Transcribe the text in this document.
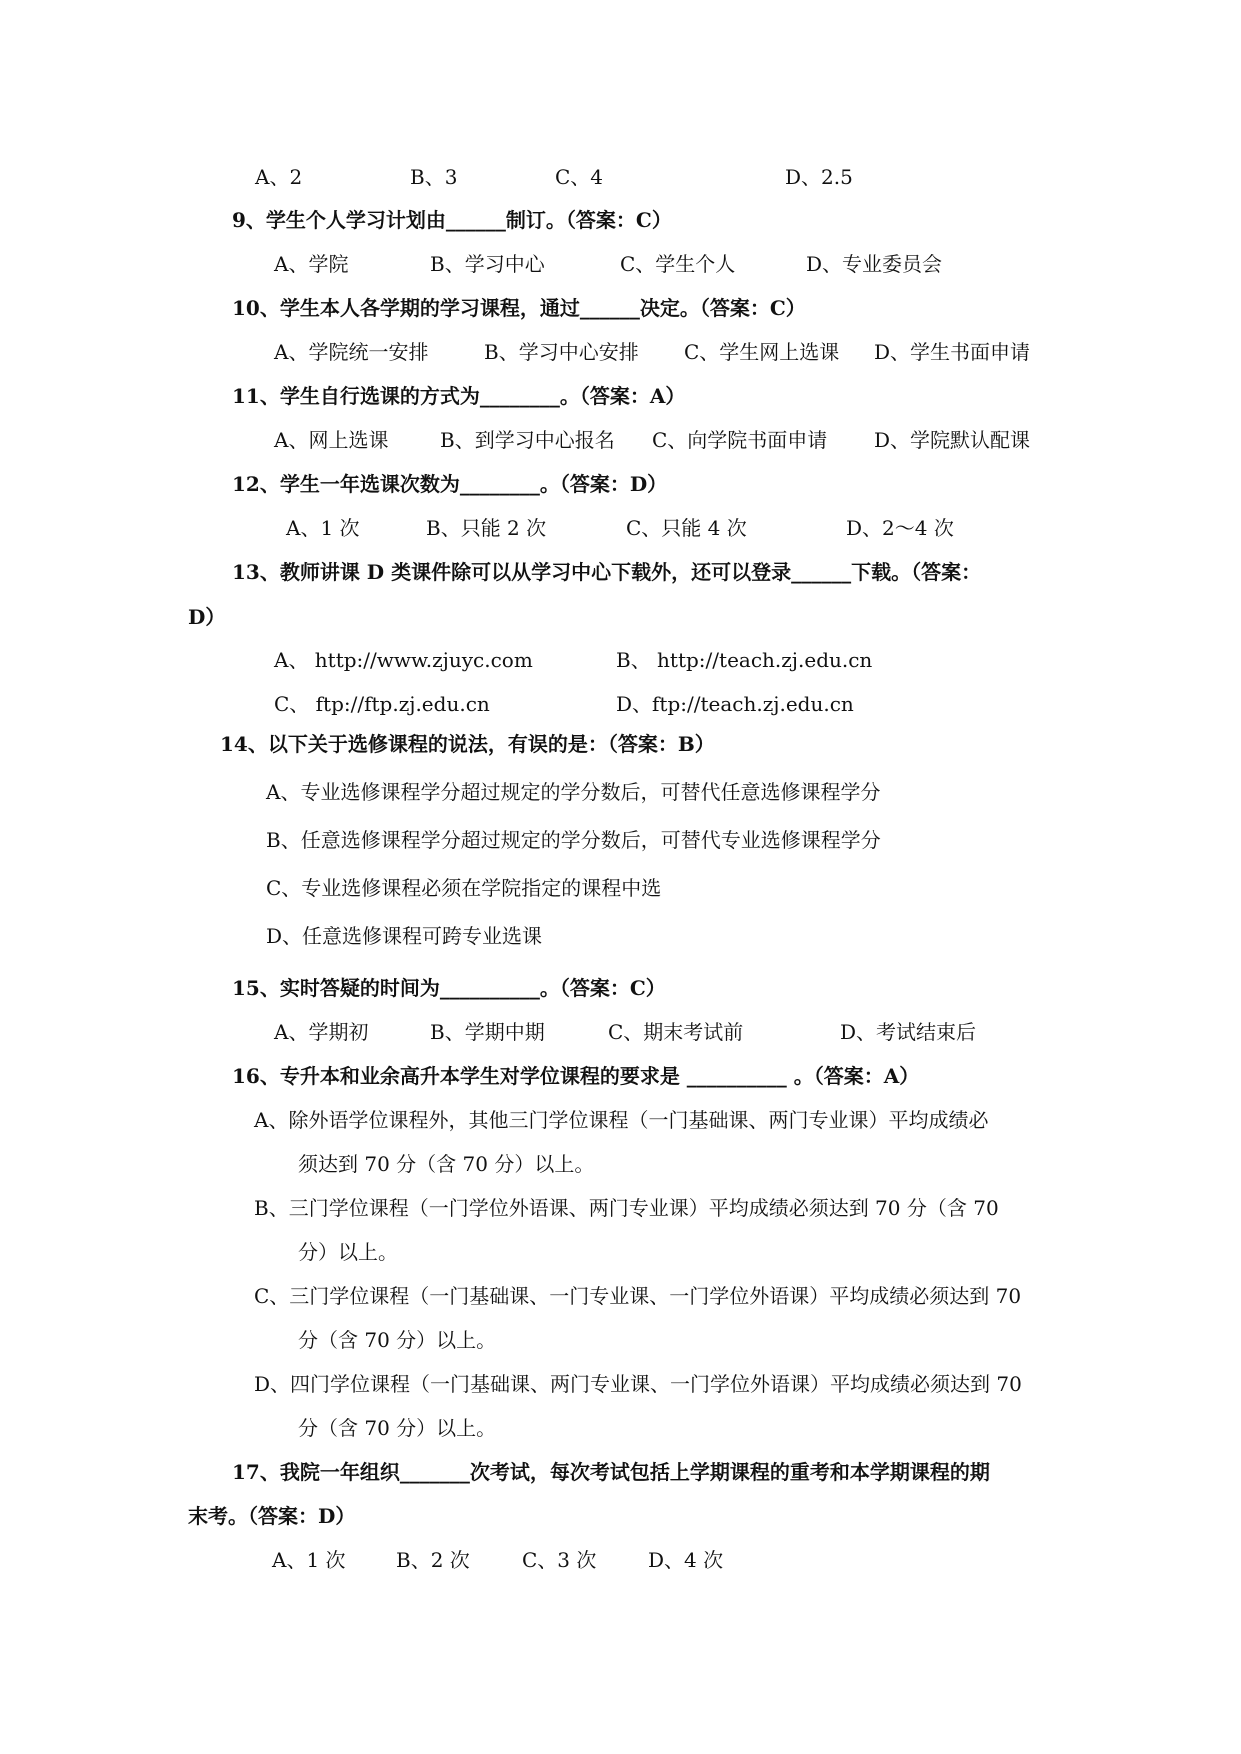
A、2	B、3	C、4	D、2.5
9、学生个人学习计划由______制订。（答案：C）
A、学院	B、学习中心	C、学生个人	D、专业委员会
10、学生本人各学期的学习课程，通过______决定。（答案：C）
A、学院统一安排	B、学习中心安排 C、学生网上选课 D、学生书面申请
11、学生自行选课的方式为________。（答案：A）
A、网上选课	B、到学习中心报名 C、向学院书面申请 D、学院默认配课
12、学生一年选课次数为________。（答案：D）
A、1 次	B、只能 2 次	C、只能 4 次	D、2～4 次
13、教师讲课 D 类课件除可以从学习中心下载外，还可以登录______下载。（答案：
D）
A、 http://www.zjuyc.com	B、 http://teach.zj.edu.cn
C、 ftp://ftp.zj.edu.cn	D、ftp://teach.zj.edu.cn
14、以下关于选修课程的说法，有误的是：（答案：B）
A、专业选修课程学分超过规定的学分数后，可替代任意选修课程学分
B、任意选修课程学分超过规定的学分数后，可替代专业选修课程学分
C、专业选修课程必须在学院指定的课程中选
D、任意选修课程可跨专业选课
15、实时答疑的时间为__________。（答案：C）
A、学期初	B、学期中期	C、期末考试前	D、考试结束后
16、专升本和业余高升本学生对学位课程的要求是 __________ 。（答案：A）
A、除外语学位课程外，其他三门学位课程（一门基础课、两门专业课）平均成绩必
须达到 70 分（含 70 分）以上。
B、三门学位课程（一门学位外语课、两门专业课）平均成绩必须达到 70 分（含 70
分）以上。
C、三门学位课程（一门基础课、一门专业课、一门学位外语课）平均成绩必须达到 70
分（含 70 分）以上。
D、四门学位课程（一门基础课、两门专业课、一门学位外语课）平均成绩必须达到 70
分（含 70 分）以上。
17、我院一年组织_______次考试，每次考试包括上学期课程的重考和本学期课程的期
末考。（答案：D）
A、1 次	B、2 次	C、3 次	D、4 次
